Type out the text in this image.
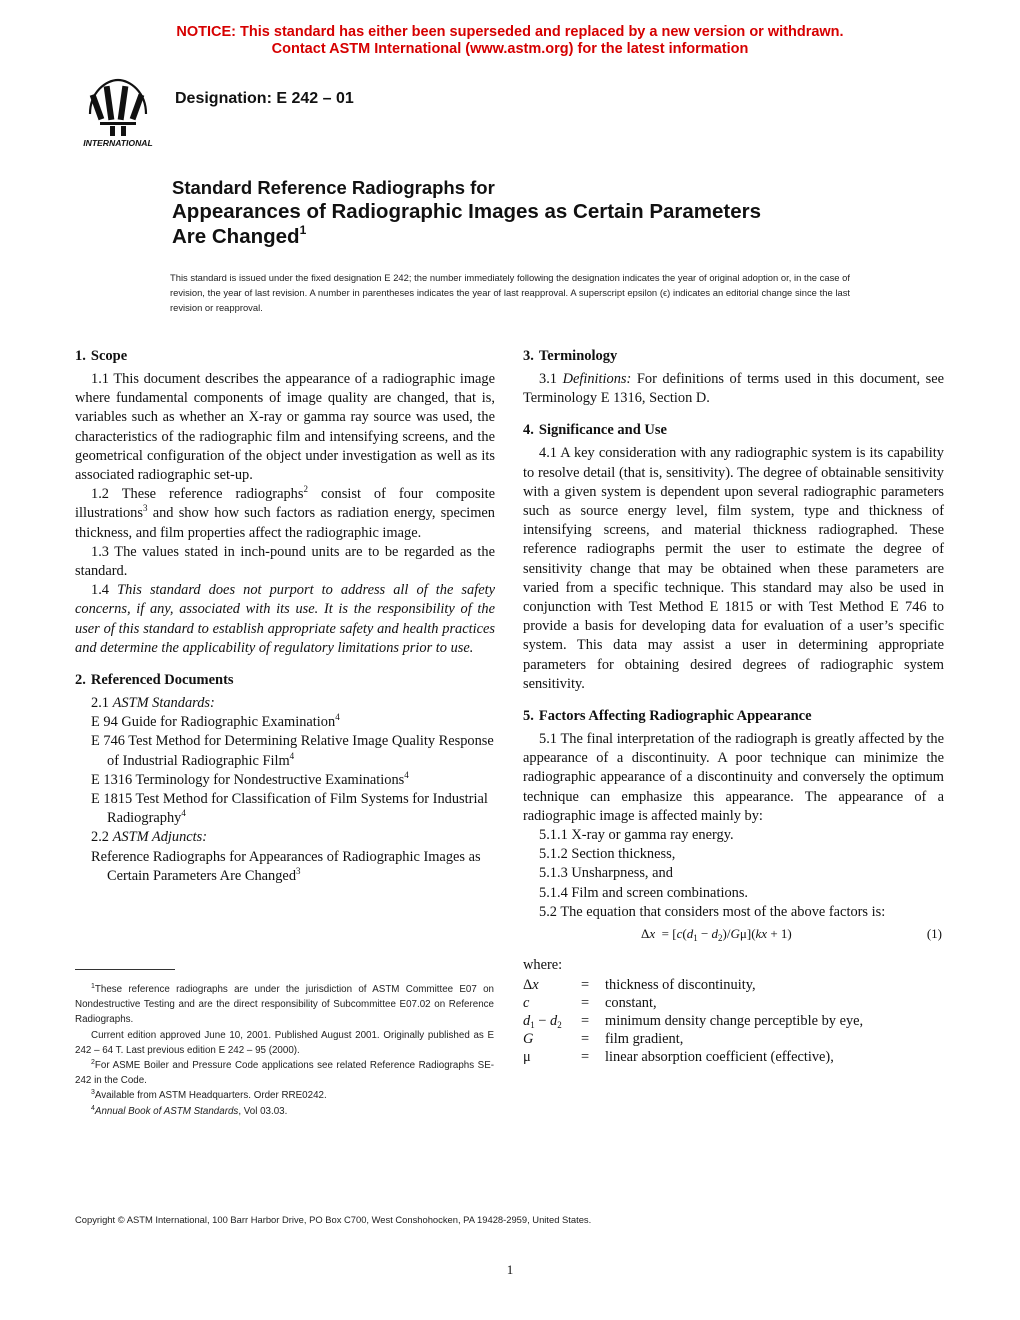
NOTICE: This standard has either been superseded and replaced by a new version or withdrawn.
Contact ASTM International (www.astm.org) for the latest information
INTERNATIONAL
Designation: E 242 – 01
Standard Reference Radiographs for
Appearances of Radiographic Images as Certain Parameters
Are Changed$^1$
This standard is issued under the fixed designation E 242; the number immediately following the designation indicates the year of original adoption or, in the case of revision, the year of last revision. A number in parentheses indicates the year of last reapproval. A superscript epsilon (ϵ) indicates an editorial change since the last revision or reapproval.
1. Scope

1.1 This document describes the appearance of a radiographic image where fundamental components of image quality are changed, that is, variables such as whether an X-ray or gamma ray source was used, the characteristics of the radiographic film and intensifying screens, and the geometrical configuration of the object under investigation as well as its associated radiographic set-up.

1.2 These reference radiographs$^2$ consist of four composite illustrations$^3$ and show how such factors as radiation energy, specimen thickness, and film properties affect the radiographic image.

1.3 The values stated in inch-pound units are to be regarded as the standard.

1.4 This standard does not purport to address all of the safety concerns, if any, associated with its use. It is the responsibility of the user of this standard to establish appropriate safety and health practices and determine the applicability of regulatory limitations prior to use.

2. Referenced Documents
2.1 ASTM Standards:
E 94 Guide for Radiographic Examination$^4$
E 746 Test Method for Determining Relative Image Quality Response of Industrial Radiographic Film$^4$
E 1316 Terminology for Nondestructive Examinations$^4$
E 1815 Test Method for Classification of Film Systems for Industrial Radiography$^4$
2.2 ASTM Adjuncts:
Reference Radiographs for Appearances of Radiographic Images as Certain Parameters Are Changed$^3$
3. Terminology

3.1 Definitions: For definitions of terms used in this document, see Terminology E 1316, Section D.

4. Significance and Use

4.1 A key consideration with any radiographic system is its capability to resolve detail (that is, sensitivity). The degree of obtainable sensitivity with a given system is dependent upon several radiographic parameters such as source energy level, film system, type and thickness of intensifying screens, and material thickness radiographed. These reference radiographs permit the user to estimate the degree of sensitivity change that may be obtained when these parameters are varied from a specific technique. This standard may also be used in conjunction with Test Method E 1815 or with Test Method E 746 to provide a basis for developing data for evaluation of a user’s specific system. This data may assist a user in determining appropriate parameters for obtaining desired degrees of radiographic system sensitivity.

5. Factors Affecting Radiographic Appearance

5.1 The final interpretation of the radiograph is greatly affected by the appearance of a discontinuity. A poor technique can minimize the radiographic appearance of a discontinuity and conversely the optimum technique can emphasize this appearance. The appearance of a radiographic image is affected mainly by:

5.1.1 X-ray or gamma ray energy.
5.1.2 Section thickness,
5.1.3 Unsharpness, and
5.1.4 Film and screen combinations.
5.2 The equation that considers most of the above factors is:
$\Delta x = [c(d_1 - d_2)/G\mu](kx + 1)$	(1)
where:
Δx	=	thickness of discontinuity,
c	=	constant,
$d_1 - d_2$	=	minimum density change perceptible by eye,
G	=	film gradient,
μ	=	linear absorption coefficient (effective),

$^1$These reference radiographs are under the jurisdiction of ASTM Committee E07 on Nondestructive Testing and are the direct responsibility of Subcommittee E07.02 on Reference Radiographs.

Current edition approved June 10, 2001. Published August 2001. Originally published as E 242 – 64 T. Last previous edition E 242 – 95 (2000).

$^2$For ASME Boiler and Pressure Code applications see related Reference Radiographs SE-242 in the Code.

$^3$Available from ASTM Headquarters. Order RRE0242.

$^4$Annual Book of ASTM Standards, Vol 03.03.

Copyright © ASTM International, 100 Barr Harbor Drive, PO Box C700, West Conshohocken, PA 19428-2959, United States.
1
